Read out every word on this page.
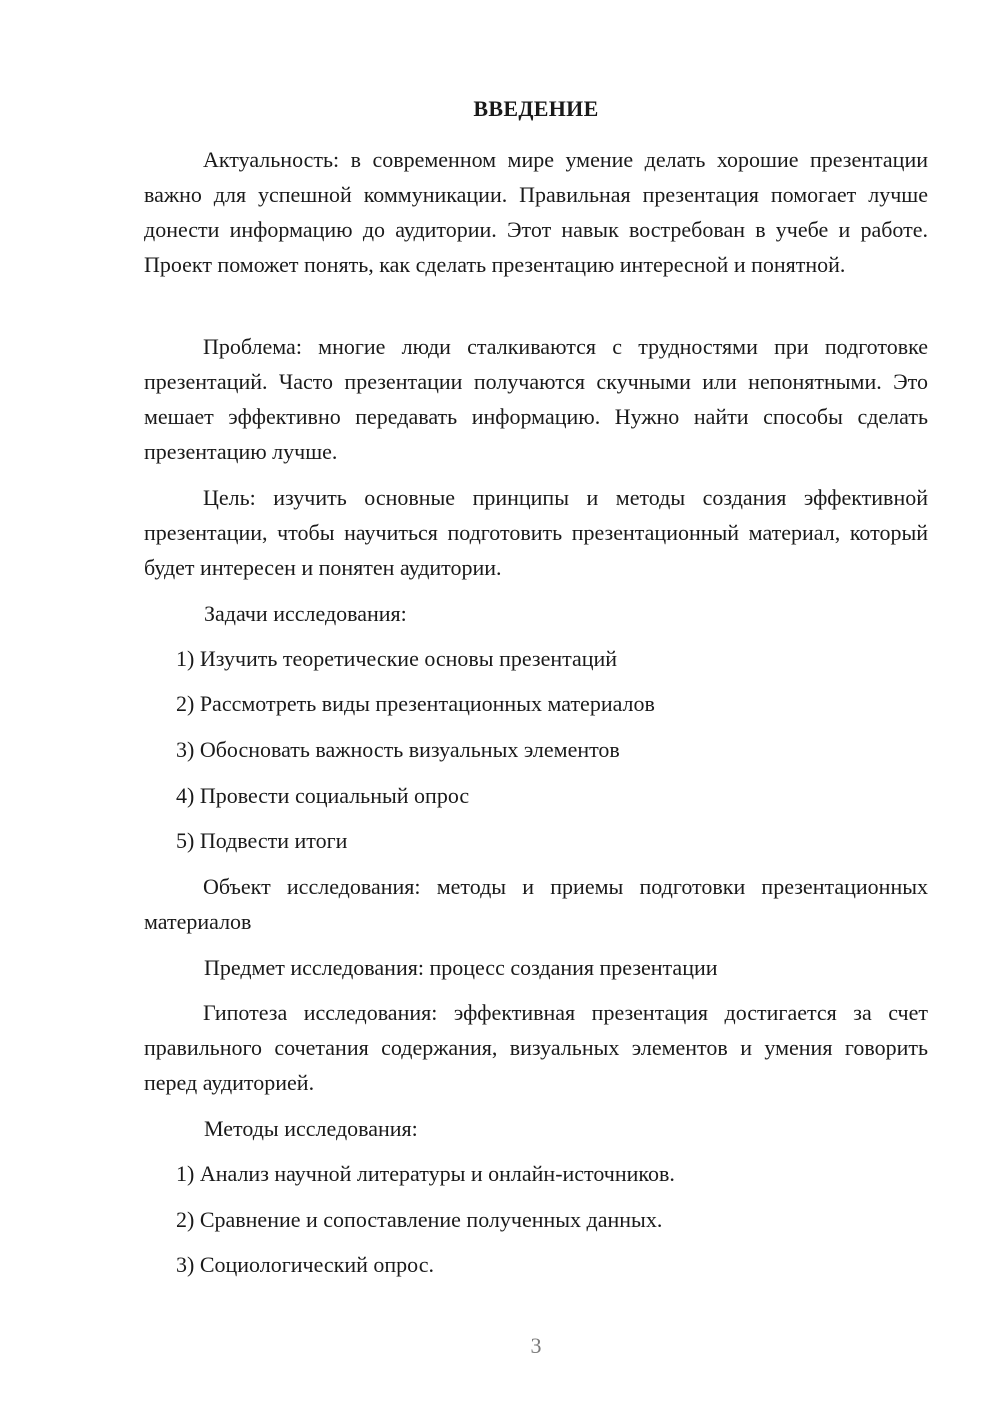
ВВЕДЕНИЕ

Актуальность: в современном мире умение делать хорошие презентации важно для успешной коммуникации. Правильная презентация помогает лучше донести информацию до аудитории. Этот навык востребован в учебе и работе. Проект поможет понять, как сделать презентацию интересной и понятной.

Проблема: многие люди сталкиваются с трудностями при подготовке презентаций. Часто презентации получаются скучными или непонятными. Это мешает эффективно передавать информацию. Нужно найти способы сделать презентацию лучше.

Цель: изучить основные принципы и методы создания эффективной презентации, чтобы научиться подготовить презентационный материал, который будет интересен и понятен аудитории.

Задачи исследования:

1) Изучить теоретические основы презентаций

2) Рассмотреть виды презентационных материалов

3) Обосновать важность визуальных элементов

4) Провести социальный опрос

5) Подвести итоги

Объект исследования: методы и приемы подготовки презентационных материалов

Предмет исследования: процесс создания презентации

Гипотеза исследования: эффективная презентация достигается за счет правильного сочетания содержания, визуальных элементов и умения говорить перед аудиторией.

Методы исследования:

1) Анализ научной литературы и онлайн-источников.

2) Сравнение и сопоставление полученных данных.

3) Социологический опрос.

3
